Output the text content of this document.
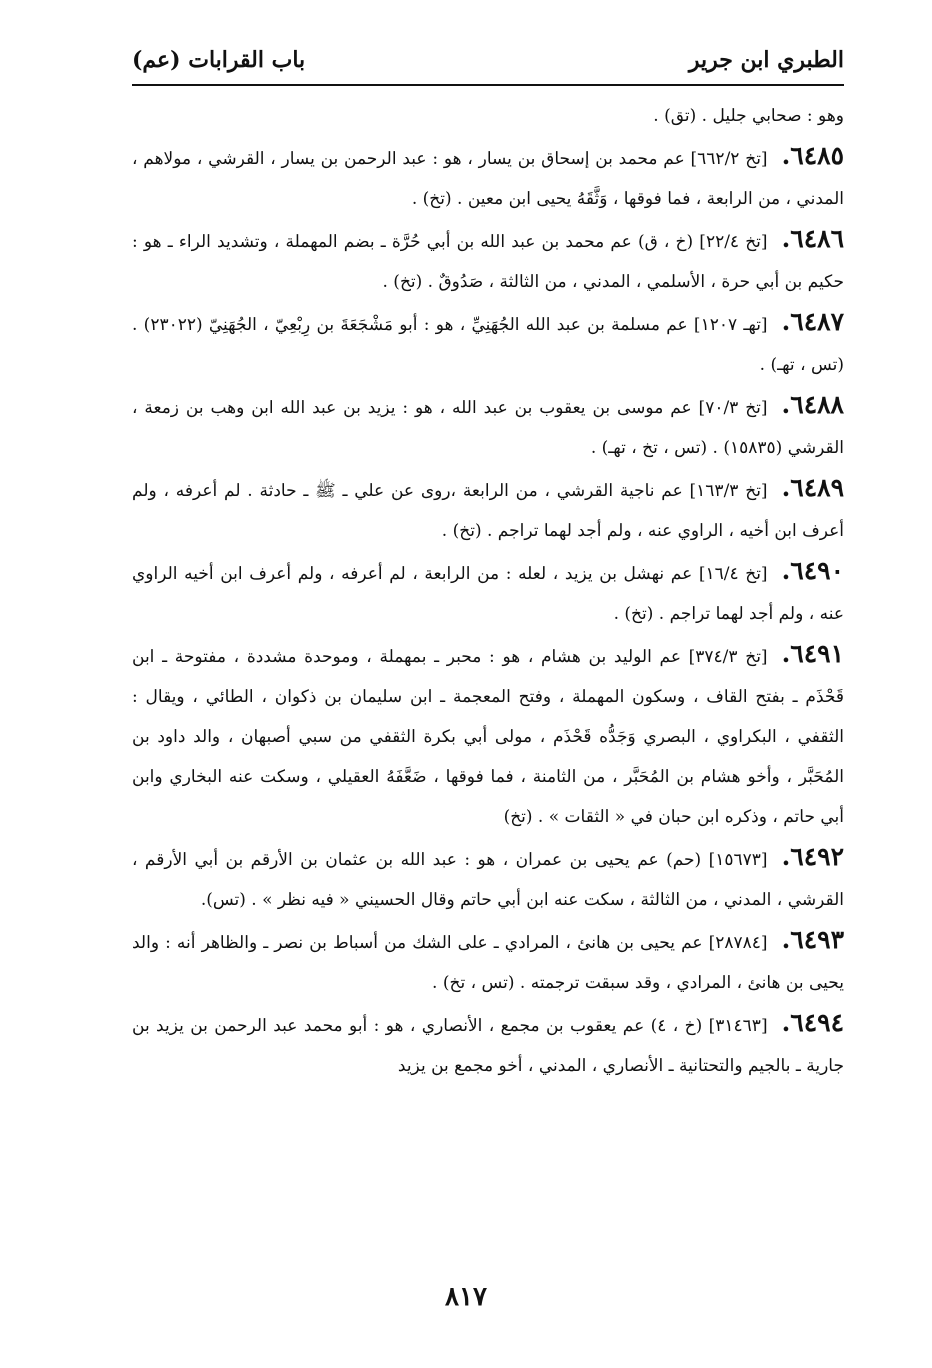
الطبري ابن جرير
باب القرابات (عم)

وهو : صحابي جليل . (تق) .

٦٤٨٥.[تخ ٦٦٢/٢] عم محمد بن إسحاق بن يسار ، هو : عبد الرحمن بن يسار ، القرشي ، مولاهم ، المدني ، من الرابعة ، فما فوقها ، وَثَّقَهُ يحيى ابن معين . (تخ) .

٦٤٨٦.[تخ ٢٢/٤] (خ ، ق) عم محمد بن عبد الله بن أبي حُرَّة ـ بضم المهملة ، وتشديد الراء ـ هو : حكيم بن أبي حرة ، الأسلمي ، المدني ، من الثالثة ، صَدُوقٌ . (تخ) .

٦٤٨٧.[تهـ ١٢٠٧] عم مسلمة بن عبد الله الجُهَنِيِّ ، هو : أبو مَشْجَعَةَ بن رِبْعِيّ ، الجُهَنِيّ (٢٣٠٢٢) . (تس ، تهـ) .

٦٤٨٨.[تخ ٧٠/٣] عم موسى بن يعقوب بن عبد الله ، هو : يزيد بن عبد الله ابن وهب بن زمعة ، القرشي (١٥٨٣٥) . (تس ، تخ ، تهـ) .

٦٤٨٩.[تخ ١٦٣/٣] عم ناجية القرشي ، من الرابعة ،روى عن علي ـ ﷺ ـ حادثة . لم أعرفه ، ولم أعرف ابن أخيه ، الراوي عنه ، ولم أجد لهما تراجم . (تخ) .

٦٤٩٠.[تخ ١٦/٤] عم نهشل بن يزيد ، لعله : من الرابعة ، لم أعرفه ، ولم أعرف ابن أخيه الراوي عنه ، ولم أجد لهما تراجم . (تخ) .

٦٤٩١.[تخ ٣٧٤/٣] عم الوليد بن هشام ، هو : محبر ـ بمهملة ، وموحدة مشددة ، مفتوحة ـ ابن قَحْذَم ـ بفتح القاف ، وسكون المهملة ، وفتح المعجمة ـ ابن سليمان بن ذكوان ، الطائي ، ويقال : الثقفي ، البكراوي ، البصري وَجَدُّه قَحْذَم ، مولى أبي بكرة الثقفي من سبي أصبهان ، والد داود بن المُحَبَّر ، وأخو هشام بن المُحَبَّر ، من الثامنة ، فما فوقها ، ضَعَّفَهُ العقيلي ، وسكت عنه البخاري وابن أبي حاتم ، وذكره ابن حبان في « الثقات » . (تخ)

٦٤٩٢.[١٥٦٧٣] (حم) عم يحيى بن عمران ، هو : عبد الله بن عثمان بن الأرقم بن أبي الأرقم ، القرشي ، المدني ، من الثالثة ، سكت عنه ابن أبي حاتم وقال الحسيني « فيه نظر » . (تس).

٦٤٩٣.[٢٨٧٨٤] عم يحيى بن هانئ ، المرادي ـ على الشك من أسباط بن نصر ـ والظاهر أنه : والد يحيى بن هانئ ، المرادي ، وقد سبقت ترجمته . (تس ، تخ) .

٦٤٩٤.[٣١٤٦٣] (خ ، ٤) عم يعقوب بن مجمع ، الأنصاري ، هو : أبو محمد عبد الرحمن بن يزيد بن جارية ـ بالجيم والتحتانية ـ الأنصاري ، المدني ، أخو مجمع بن يزيد

٨١٧
